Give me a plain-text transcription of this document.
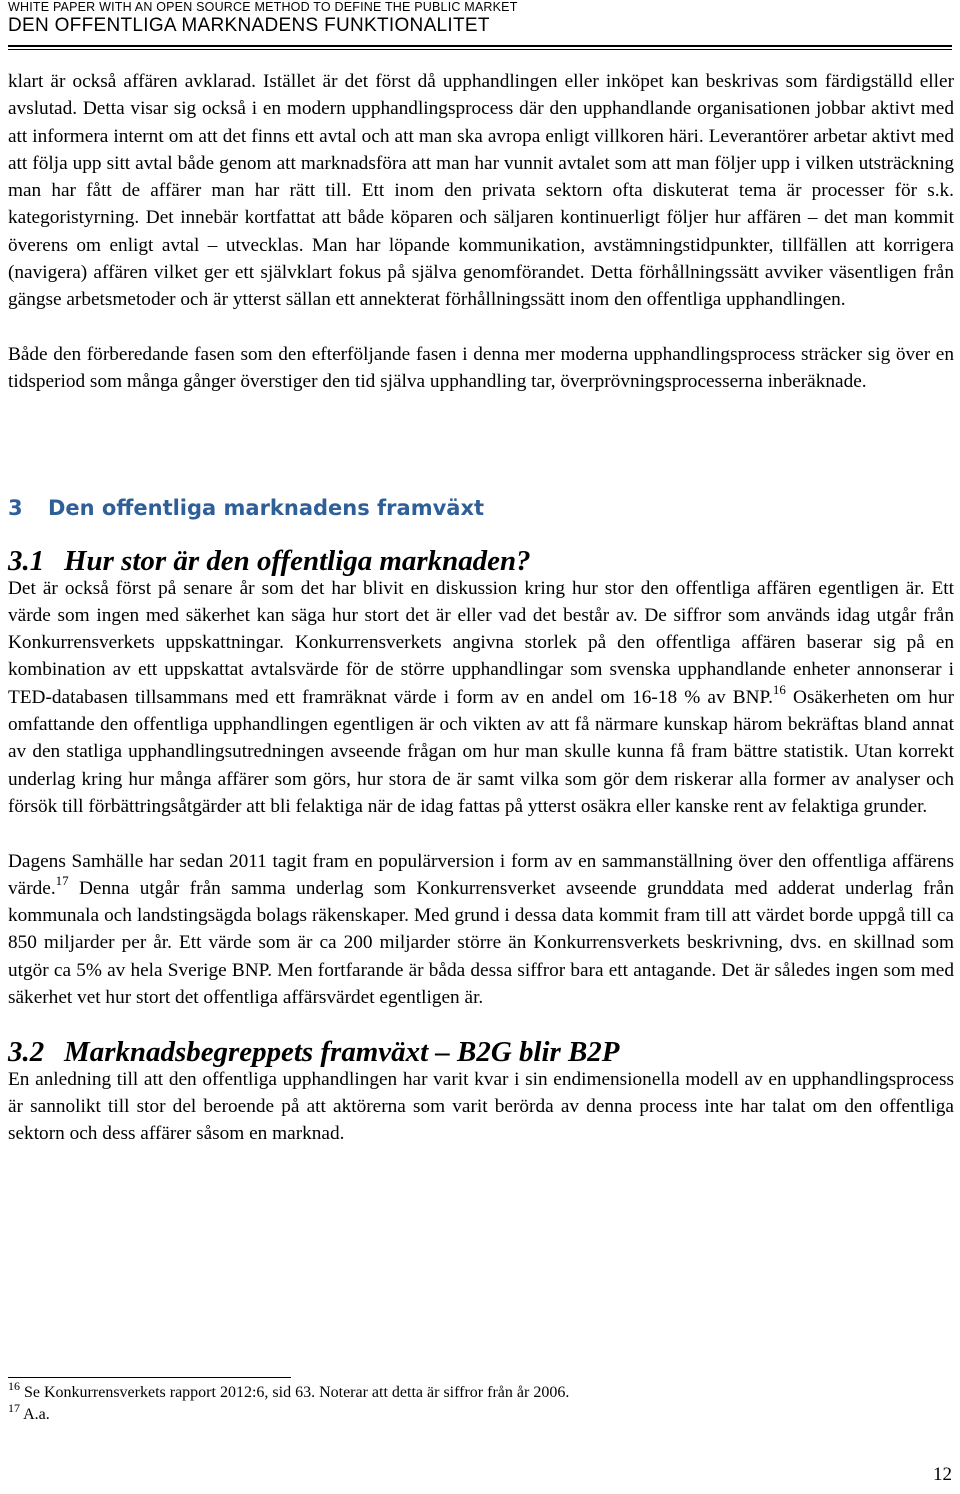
WHITE PAPER WITH AN OPEN SOURCE METHOD TO DEFINE THE PUBLIC MARKET
DEN OFFENTLIGA MARKNADENS FUNKTIONALITET

klart är också affären avklarad. Istället är det först då upphandlingen eller inköpet kan beskrivas som färdigställd eller avslutad. Detta visar sig också i en modern upphandlingsprocess där den upphandlande organisationen jobbar aktivt med att informera internt om att det finns ett avtal och att man ska avropa enligt villkoren häri. Leverantörer arbetar aktivt med att följa upp sitt avtal både genom att marknadsföra att man har vunnit avtalet som att man följer upp i vilken utsträckning man har fått de affärer man har rätt till. Ett inom den privata sektorn ofta diskuterat tema är processer för s.k. kategoristyrning. Det innebär kortfattat att både köparen och säljaren kontinuerligt följer hur affären – det man kommit överens om enligt avtal – utvecklas. Man har löpande kommunikation, avstämningstidpunkter, tillfällen att korrigera (navigera) affären vilket ger ett självklart fokus på själva genomförandet. Detta förhållningssätt avviker väsentligen från gängse arbetsmetoder och är ytterst sällan ett annekterat förhållningssätt inom den offentliga upphandlingen.

Både den förberedande fasen som den efterföljande fasen i denna mer moderna upphandlingsprocess sträcker sig över en tidsperiod som många gånger överstiger den tid själva upphandling tar, överprövningsprocesserna inberäknade.

3 Den offentliga marknadens framväxt
3.1 Hur stor är den offentliga marknaden?

Det är också först på senare år som det har blivit en diskussion kring hur stor den offentliga affären egentligen är. Ett värde som ingen med säkerhet kan säga hur stort det är eller vad det består av. De siffror som används idag utgår från Konkurrensverkets uppskattningar. Konkurrensverkets angivna storlek på den offentliga affären baserar sig på en kombination av ett uppskattat avtalsvärde för de större upphandlingar som svenska upphandlande enheter annonserar i TED-databasen tillsammans med ett framräknat värde i form av en andel om 16-18 % av BNP.$^{16}$ Osäkerheten om hur omfattande den offentliga upphandlingen egentligen är och vikten av att få närmare kunskap härom bekräftas bland annat av den statliga upphandlingsutredningen avseende frågan om hur man skulle kunna få fram bättre statistik. Utan korrekt underlag kring hur många affärer som görs, hur stora de är samt vilka som gör dem riskerar alla former av analyser och försök till förbättringsåtgärder att bli felaktiga när de idag fattas på ytterst osäkra eller kanske rent av felaktiga grunder.

Dagens Samhälle har sedan 2011 tagit fram en populärversion i form av en sammanställning över den offentliga affärens värde.$^{17}$ Denna utgår från samma underlag som Konkurrensverket avseende grunddata med adderat underlag från kommunala och landstingsägda bolags räkenskaper. Med grund i dessa data kommit fram till att värdet borde uppgå till ca 850 miljarder per år. Ett värde som är ca 200 miljarder större än Konkurrensverkets beskrivning, dvs. en skillnad som utgör ca 5% av hela Sverige BNP. Men fortfarande är båda dessa siffror bara ett antagande. Det är således ingen som med säkerhet vet hur stort det offentliga affärsvärdet egentligen är.

3.2 Marknadsbegreppets framväxt – B2G blir B2P

En anledning till att den offentliga upphandlingen har varit kvar i sin endimensionella modell av en upphandlingsprocess är sannolikt till stor del beroende på att aktörerna som varit berörda av denna process inte har talat om den offentliga sektorn och dess affärer såsom en marknad.

$^{16}$ Se Konkurrensverkets rapport 2012:6, sid 63. Noterar att detta är siffror från år 2006.
$^{17}$ A.a.
12
